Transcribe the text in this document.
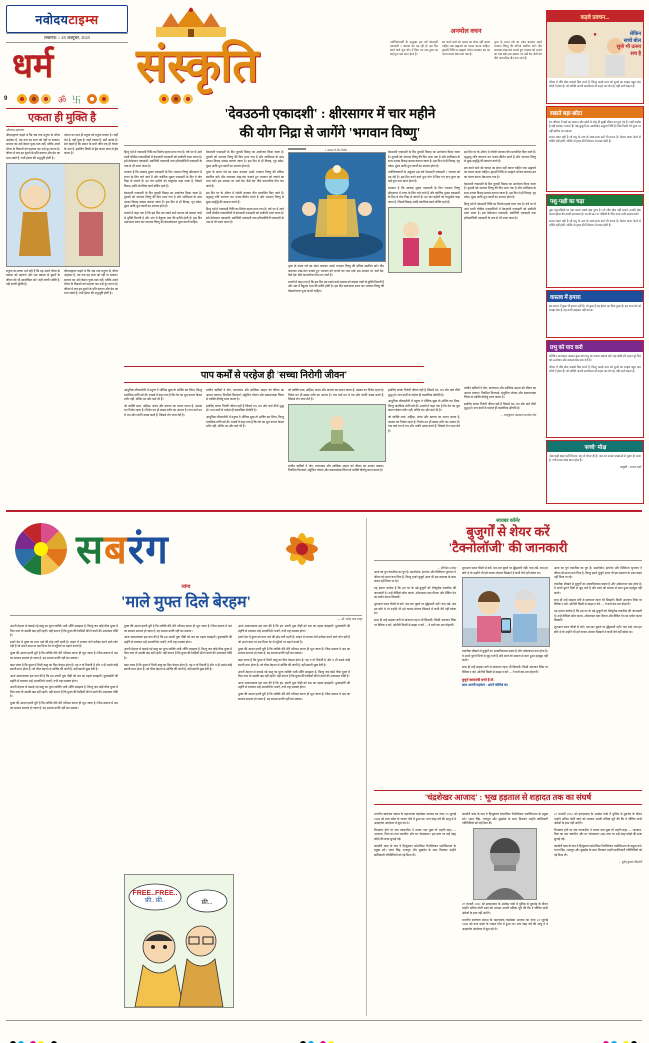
नवोदय टाइम्स
लखनऊ ○ 28 अक्टूबर, 2025
धर्म संस्कृति
9	ॐ 卐
अनमोल वचन

ज्योतिषाचार्यों के अनुसार इस वर्ष देवउठनी एकादशी 1 नवम्बर को पड़ रही है। इस दिन बनने वाले शुभ योग में किए गए दान-पुण्य का कई गुना फल प्राप्त होता है।

व्रत करने वाले को चावल का सेवन नहीं करना चाहिए तथा ब्रह्मचर्य का पालन करना चाहिए। द्वादशी तिथि पर ब्राह्मण भोजन कराकर व्रत का पारण करना श्रेष्ठ माना गया है।

पूजा के समय गन्ने का मंडप बनाकर उसमें भगवान विष्णु की प्रतिमा स्थापित करें। दीप जलाकर शंख-घंटा बजाते हुए भगवान को जगाने का भाव रखें। इस अवसर पर 'उठो देव, बैठो देव' जैसे पारम्परिक गीत गाए जाते हैं।

कड़वे प्रवचन...
●	लेकिन
सच्चे बोल
सुनो भी उतना
सच है
जीवन में मीठे बोल सबको प्रिय लगते हैं, किन्तु कड़वे सत्य को सुनने का साहस बहुत कम लोगों में होता है। जो व्यक्ति अपनी आलोचना को सहन कर लेता है, वही आगे बढ़ता है।
रखाते बड़ा-छोटा
घर-परिवार में बड़ों का सम्मान और छोटों से स्नेह ही सुखी जीवन का मूल मंत्र है। जहाँ मर्यादा है वहीं संस्कार पनपते हैं। बड़े-बुजुर्गों का आशीर्वाद अमूल्य निधि है जिसे किसी भी मूल्य पर नहीं खरीदा जा सकता।
सच्चा भक्त वही है जो प्रभु के नाम के साथ-साथ कर्म भी करता है। केवल माला फेरने से भक्ति नहीं होती, भक्ति तो हृदय की निर्मलता से प्रकट होती है।
पशु-पक्षी का चढ़ा
मूक पशु-पक्षियों पर दया करना सबसे बड़ा पुण्य है। जो जीव बोल नहीं सकते, उनकी सेवा करना ईश्वर की सच्ची आराधना है। घर की छत पर पक्षियों के लिए दाना-पानी अवश्य रखें।
सच्चा भक्त वही है जो प्रभु के नाम के साथ-साथ कर्म भी करता है। केवल माला फेरने से भक्ति नहीं होती, भक्ति तो हृदय की निर्मलता से प्रकट होती है।
वास्तव में हमारा
इस संसार में कुछ भी हमारा नहीं है। जो कुछ है वह ईश्वर का दिया हुआ है। इस सत्य को जो समझ लेता है, वह कभी अहंकार नहीं करता।
प्रभु को याद करो
प्रतिदिन प्रातःकाल उठकर कुछ क्षण प्रभु का स्मरण अवश्य करें। यह छोटी-सी आदत पूरे दिन को ऊर्जावान और सकारात्मक बना देती है।
जीवन में मीठे बोल सबको प्रिय लगते हैं, किन्तु कड़वे सत्य को सुनने का साहस बहुत कम लोगों में होता है। जो व्यक्ति अपनी आलोचना को सहन कर लेता है, वही आगे बढ़ता है।
'सच्चे' मोक्ष
मोक्ष कहीं बाहर नहीं मिलता, वह तो भीतर ही है। जब मन समस्त इच्छाओं से मुक्त हो जाता है, तभी सच्चा मोक्ष प्राप्त होता है।
प्रस्तुति : अभय शर्मा
एकता ही मुक्ति है
श्रीराधव महाराज

श्रीरामकृष्ण कहते थे कि जब तक मनुष्य के भीतर अहंकार है, तब तक वह सत्य को नहीं पा सकता। साधना का अर्थ केवल पूजा-पाठ नहीं, बल्कि अपने भीतर के विकारों को पहचान कर उन्हें दूर करना है। जीवन में जब हम दूसरों के प्रति करुणा और प्रेम का भाव रखते हैं, तभी ईश्वर की अनुभूति होती है।

एकता का भाव ही मनुष्य को मनुष्य बनाता है। जहाँ भेद है, वहाँ दुःख है; जहाँ एकत्व है, वहाँ आनंद है। संत कहते हैं कि संसार के सभी जीव एक ही चेतना के अंश हैं, इसलिए किसी से द्वेष करना स्वयं से द्वेष करना है।

मनुष्य का सच्चा धर्म यही है कि वह अपने भीतर के प्रकाश को पहचाने और उस प्रकाश से दूसरों के जीवन को भी आलोकित करे। यही सच्ची भक्ति है, यही सच्ची मुक्ति है।

श्रीरामकृष्ण कहते थे कि जब तक मनुष्य के भीतर अहंकार है, तब तक वह सत्य को नहीं पा सकता। साधना का अर्थ केवल पूजा-पाठ नहीं, बल्कि अपने भीतर के विकारों को पहचान कर उन्हें दूर करना है। जीवन में जब हम दूसरों के प्रति करुणा और प्रेम का भाव रखते हैं, तभी ईश्वर की अनुभूति होती है।

'देवउठनी एकादशी' : क्षीरसागर में चार महीने
की योग निद्रा से जागेंगे 'भगवान विष्णु'

हिन्दू धर्म में एकादशी तिथि का विशेष महत्व माना गया है। वर्ष भर में आने वाली चौबीस एकादशियों में देवउठनी एकादशी को सर्वोपरि माना जाता है। इसे देवोत्थान एकादशी, प्रबोधिनी एकादशी तथा हरिप्रबोधिनी एकादशी के नाम से भी जाना जाता है।

मान्यता है कि आषाढ़ शुक्ल एकादशी के दिन भगवान विष्णु क्षीरसागर में शयन के लिए चले जाते हैं और कार्तिक शुक्ल एकादशी के दिन वे योग निद्रा से जागते हैं। इन चार महीनों को चातुर्मास कहा जाता है, जिसमें विवाह आदि मांगलिक कार्य वर्जित रहते हैं।

देवउठनी एकादशी के दिन तुलसी विवाह का आयोजन किया जाता है। तुलसी को भगवान विष्णु की प्रिय माना गया है और शालिग्राम के साथ उनका विवाह सम्पन्न कराया जाता है। इस दिन से ही विवाह, गृह प्रवेश, मुंडन आदि शुभ कार्यों का आरम्भ होता है।

शास्त्रों में कहा गया है कि इस दिन व्रत रखने वाले साधक को समस्त पापों से मुक्ति मिलती है और अंत में वैकुण्ठ धाम की प्राप्ति होती है। इस दिन प्रातःकाल स्नान कर भगवान विष्णु की षोडशोपचार पूजा करनी चाहिए।

देवउठनी एकादशी के दिन तुलसी विवाह का आयोजन किया जाता है। तुलसी को भगवान विष्णु की प्रिय माना गया है और शालिग्राम के साथ उनका विवाह सम्पन्न कराया जाता है। इस दिन से ही विवाह, गृह प्रवेश, मुंडन आदि शुभ कार्यों का आरम्भ होता है।

पूजा के समय गन्ने का मंडप बनाकर उसमें भगवान विष्णु की प्रतिमा स्थापित करें। दीप जलाकर शंख-घंटा बजाते हुए भगवान को जगाने का भाव रखें। इस अवसर पर 'उठो देव, बैठो देव' जैसे पारम्परिक गीत गाए जाते हैं।

इस दिन घर के आँगन में रंगोली बनाकर दीप प्रज्वलित किए जाते हैं। श्रद्धालु रात्रि जागरण कर भजन-कीर्तन करते हैं और भगवान विष्णु से सुख-समृद्धि की कामना करते हैं।

हिन्दू धर्म में एकादशी तिथि का विशेष महत्व माना गया है। वर्ष भर में आने वाली चौबीस एकादशियों में देवउठनी एकादशी को सर्वोपरि माना जाता है। इसे देवोत्थान एकादशी, प्रबोधिनी एकादशी तथा हरिप्रबोधिनी एकादशी के नाम से भी जाना जाता है।

1 नवम्बर के दिन विशेष

पूजा के समय गन्ने का मंडप बनाकर उसमें भगवान विष्णु की प्रतिमा स्थापित करें। दीप जलाकर शंख-घंटा बजाते हुए भगवान को जगाने का भाव रखें। इस अवसर पर 'उठो देव, बैठो देव' जैसे पारम्परिक गीत गाए जाते हैं।

शास्त्रों में कहा गया है कि इस दिन व्रत रखने वाले साधक को समस्त पापों से मुक्ति मिलती है और अंत में वैकुण्ठ धाम की प्राप्ति होती है। इस दिन प्रातःकाल स्नान कर भगवान विष्णु की षोडशोपचार पूजा करनी चाहिए।

देवउठनी एकादशी के दिन तुलसी विवाह का आयोजन किया जाता है। तुलसी को भगवान विष्णु की प्रिय माना गया है और शालिग्राम के साथ उनका विवाह सम्पन्न कराया जाता है। इस दिन से ही विवाह, गृह प्रवेश, मुंडन आदि शुभ कार्यों का आरम्भ होता है।

ज्योतिषाचार्यों के अनुसार इस वर्ष देवउठनी एकादशी 1 नवम्बर को पड़ रही है। इस दिन बनने वाले शुभ योग में किए गए दान-पुण्य का कई गुना फल प्राप्त होता है।

मान्यता है कि आषाढ़ शुक्ल एकादशी के दिन भगवान विष्णु क्षीरसागर में शयन के लिए चले जाते हैं और कार्तिक शुक्ल एकादशी के दिन वे योग निद्रा से जागते हैं। इन चार महीनों को चातुर्मास कहा जाता है, जिसमें विवाह आदि मांगलिक कार्य वर्जित रहते हैं।

इस दिन घर के आँगन में रंगोली बनाकर दीप प्रज्वलित किए जाते हैं। श्रद्धालु रात्रि जागरण कर भजन-कीर्तन करते हैं और भगवान विष्णु से सुख-समृद्धि की कामना करते हैं।

व्रत करने वाले को चावल का सेवन नहीं करना चाहिए तथा ब्रह्मचर्य का पालन करना चाहिए। द्वादशी तिथि पर ब्राह्मण भोजन कराकर व्रत का पारण करना श्रेष्ठ माना गया है।

देवउठनी एकादशी के दिन तुलसी विवाह का आयोजन किया जाता है। तुलसी को भगवान विष्णु की प्रिय माना गया है और शालिग्राम के साथ उनका विवाह सम्पन्न कराया जाता है। इस दिन से ही विवाह, गृह प्रवेश, मुंडन आदि शुभ कार्यों का आरम्भ होता है।

हिन्दू धर्म में एकादशी तिथि का विशेष महत्व माना गया है। वर्ष भर में आने वाली चौबीस एकादशियों में देवउठनी एकादशी को सर्वोपरि माना जाता है। इसे देवोत्थान एकादशी, प्रबोधिनी एकादशी तथा हरिप्रबोधिनी एकादशी के नाम से भी जाना जाता है।

पाप कर्मों से परहेज ही 'सच्चा निरोगी जीवन'

आधुनिक जीवनशैली में मनुष्य ने भौतिक सुख तो अर्जित कर लिया, किन्तु मानसिक शांति खो दी। शास्त्रों में कहा गया है कि रोग का मूल कारण केवल शरीर नहीं, बल्कि मन और कर्म भी हैं।

जो व्यक्ति सत्य, अहिंसा, संयम और करुणा का पालन करता है, उसका मन निर्मल रहता है। निर्मल मन ही स्वस्थ शरीर का आधार है। पाप कर्म मन में भय और ग्लानि उत्पन्न करते हैं, जिससे रोग जन्म लेते हैं।

प्राचीन ऋषियों ने योग, प्राणायाम और सात्विक आहार को जीवन का आधार बताया। नियमित दिनचर्या, संतुलित भोजन और सकारात्मक चिंतन से व्यक्ति दीर्घायु प्राप्त करता है।

इसलिए सच्चा निरोगी जीवन वही है जिसमें तन, मन और कर्म तीनों शुद्ध हों। पाप कर्मों से परहेज ही वास्तविक औषधि है।

आधुनिक जीवनशैली में मनुष्य ने भौतिक सुख तो अर्जित कर लिया, किन्तु मानसिक शांति खो दी। शास्त्रों में कहा गया है कि रोग का मूल कारण केवल शरीर नहीं, बल्कि मन और कर्म भी हैं।

जो व्यक्ति सत्य, अहिंसा, संयम और करुणा का पालन करता है, उसका मन निर्मल रहता है। निर्मल मन ही स्वस्थ शरीर का आधार है। पाप कर्म मन में भय और ग्लानि उत्पन्न करते हैं, जिससे रोग जन्म लेते हैं।

प्राचीन ऋषियों ने योग, प्राणायाम और सात्विक आहार को जीवन का आधार बताया। नियमित दिनचर्या, संतुलित भोजन और सकारात्मक चिंतन से व्यक्ति दीर्घायु प्राप्त करता है।

इसलिए सच्चा निरोगी जीवन वही है जिसमें तन, मन और कर्म तीनों शुद्ध हों। पाप कर्मों से परहेज ही वास्तविक औषधि है।

आधुनिक जीवनशैली में मनुष्य ने भौतिक सुख तो अर्जित कर लिया, किन्तु मानसिक शांति खो दी। शास्त्रों में कहा गया है कि रोग का मूल कारण केवल शरीर नहीं, बल्कि मन और कर्म भी हैं।

जो व्यक्ति सत्य, अहिंसा, संयम और करुणा का पालन करता है, उसका मन निर्मल रहता है। निर्मल मन ही स्वस्थ शरीर का आधार है। पाप कर्म मन में भय और ग्लानि उत्पन्न करते हैं, जिससे रोग जन्म लेते हैं।

प्राचीन ऋषियों ने योग, प्राणायाम और सात्विक आहार को जीवन का आधार बताया। नियमित दिनचर्या, संतुलित भोजन और सकारात्मक चिंतन से व्यक्ति दीर्घायु प्राप्त करता है।

इसलिए सच्चा निरोगी जीवन वही है जिसमें तन, मन और कर्म तीनों शुद्ध हों। पाप कर्मों से परहेज ही वास्तविक औषधि है।

— राजकुमार अग्रवाल/अशोक जैन
सबरंग
व्यंग्य
'माले मुफ्त दिले बेरहम'
— डॉ. नरेन्द्र नाथ लाहा

अपनी मेहनत से कमाई गई वस्तु का मूल्य व्यक्ति भली-भाँति समझता है, किन्तु जब कोई चीज़ मुफ्त में मिल जाए तो उसकी कद्र नहीं रहती। यही कारण है कि मुफ्त की रेवड़ियाँ बाँटने वालों की आजकल चाँदी है।

हमारे देश में मुफ्त का माल पाने की होड़ लगी रहती है। लाइन में लगकर घंटों प्रतीक्षा करने वाले लोग वही हैं जो अपने काम पर दस मिनट देर से पहुँचने पर बहाने बनाते हैं।

मुफ्त की आदत इतनी बुरी है कि व्यक्ति धीरे-धीरे परिश्रम करना ही भूल जाता है। जिस समाज में श्रम का सम्मान समाप्त हो जाता है, वह समाज प्रगति नहीं कर सकता।

कहा जाता है कि मुफ्त में मिली वस्तु का दिल बेरहम होता है। वह न तो टिकती है और न ही उससे कोई स्थायी लाभ होता है। जो चीज़ मेहनत से अर्जित की जाती है, वही स्थायी सुख देती है।

आज आवश्यकता इस बात की है कि हम अपनी युवा पीढ़ी को श्रम का महत्व समझाएँ। मुफ्तखोरी की प्रवृत्ति से बचाकर उन्हें आत्मनिर्भर बनाएँ, तभी राष्ट्र सशक्त होगा।

अपनी मेहनत से कमाई गई वस्तु का मूल्य व्यक्ति भली-भाँति समझता है, किन्तु जब कोई चीज़ मुफ्त में मिल जाए तो उसकी कद्र नहीं रहती। यही कारण है कि मुफ्त की रेवड़ियाँ बाँटने वालों की आजकल चाँदी है।

मुफ्त की आदत इतनी बुरी है कि व्यक्ति धीरे-धीरे परिश्रम करना ही भूल जाता है। जिस समाज में श्रम का सम्मान समाप्त हो जाता है, वह समाज प्रगति नहीं कर सकता।

मुफ्त की आदत इतनी बुरी है कि व्यक्ति धीरे-धीरे परिश्रम करना ही भूल जाता है। जिस समाज में श्रम का सम्मान समाप्त हो जाता है, वह समाज प्रगति नहीं कर सकता।

आज आवश्यकता इस बात की है कि हम अपनी युवा पीढ़ी को श्रम का महत्व समझाएँ। मुफ्तखोरी की प्रवृत्ति से बचाकर उन्हें आत्मनिर्भर बनाएँ, तभी राष्ट्र सशक्त होगा।

अपनी मेहनत से कमाई गई वस्तु का मूल्य व्यक्ति भली-भाँति समझता है, किन्तु जब कोई चीज़ मुफ्त में मिल जाए तो उसकी कद्र नहीं रहती। यही कारण है कि मुफ्त की रेवड़ियाँ बाँटने वालों की आजकल चाँदी है।

कहा जाता है कि मुफ्त में मिली वस्तु का दिल बेरहम होता है। वह न तो टिकती है और न ही उससे कोई स्थायी लाभ होता है। जो चीज़ मेहनत से अर्जित की जाती है, वही स्थायी सुख देती है।

FREE..FREE..
फ्री.. फ्री..	फ्री...

आज आवश्यकता इस बात की है कि हम अपनी युवा पीढ़ी को श्रम का महत्व समझाएँ। मुफ्तखोरी की प्रवृत्ति से बचाकर उन्हें आत्मनिर्भर बनाएँ, तभी राष्ट्र सशक्त होगा।

हमारे देश में मुफ्त का माल पाने की होड़ लगी रहती है। लाइन में लगकर घंटों प्रतीक्षा करने वाले लोग वही हैं जो अपने काम पर दस मिनट देर से पहुँचने पर बहाने बनाते हैं।

मुफ्त की आदत इतनी बुरी है कि व्यक्ति धीरे-धीरे परिश्रम करना ही भूल जाता है। जिस समाज में श्रम का सम्मान समाप्त हो जाता है, वह समाज प्रगति नहीं कर सकता।

कहा जाता है कि मुफ्त में मिली वस्तु का दिल बेरहम होता है। वह न तो टिकती है और न ही उससे कोई स्थायी लाभ होता है। जो चीज़ मेहनत से अर्जित की जाती है, वही स्थायी सुख देती है।

अपनी मेहनत से कमाई गई वस्तु का मूल्य व्यक्ति भली-भाँति समझता है, किन्तु जब कोई चीज़ मुफ्त में मिल जाए तो उसकी कद्र नहीं रहती। यही कारण है कि मुफ्त की रेवड़ियाँ बाँटने वालों की आजकल चाँदी है।

आज आवश्यकता इस बात की है कि हम अपनी युवा पीढ़ी को श्रम का महत्व समझाएँ। मुफ्तखोरी की प्रवृत्ति से बचाकर उन्हें आत्मनिर्भर बनाएँ, तभी राष्ट्र सशक्त होगा।

मुफ्त की आदत इतनी बुरी है कि व्यक्ति धीरे-धीरे परिश्रम करना ही भूल जाता है। जिस समाज में श्रम का सम्मान समाप्त हो जाता है, वह समाज प्रगति नहीं कर सकता।

सायबर कॉर्नर
बुजुर्गों से शेयर करें
'टैक्नोलॉजी' की जानकारी
— दीपिका अरोड़ा

आज का युग तकनीक का युग है। स्मार्टफोन, इंटरनेट और डिजिटल भुगतान ने जीवन को सरल बना दिया है, किन्तु हमारे बुजुर्ग आज भी इस बदलाव के साथ कदम नहीं मिला पा रहे।

यह हमारा कर्तव्य है कि हम घर के बड़े-बुजुर्गों को धैर्यपूर्वक तकनीक की जानकारी दें। उन्हें वीडियो कॉल करना, ऑनलाइन दवा मँगाना और बैंकिंग ऐप का प्रयोग करना सिखाएँ।

शुरुआत सरल चीज़ों से करें। बार-बार पूछने पर झुँझलाएँ नहीं। याद रखें, जब हम छोटे थे तो उन्होंने भी हमें चलना-बोलना सिखाने में कभी धैर्य नहीं खोया था।

साथ ही उन्हें साइबर ठगी से सावधान रहना भी सिखाएँ। किसी अनजान लिंक पर क्लिक न करें, ओटीपी किसी से साझा न करें — ये बातें बार-बार दोहराएँ।

शुरुआत सरल चीज़ों से करें। बार-बार पूछने पर झुँझलाएँ नहीं। याद रखें, जब हम छोटे थे तो उन्होंने भी हमें चलना-बोलना सिखाने में कभी धैर्य नहीं खोया था।

तकनीक सीखने से बुजुर्गों का आत्मविश्वास बढ़ता है और अकेलापन कम होता है। वे अपने पुराने मित्रों से जुड़ पाते हैं और स्वयं को समाज से कटा हुआ महसूस नहीं करते।

साथ ही उन्हें साइबर ठगी से सावधान रहना भी सिखाएँ। किसी अनजान लिंक पर क्लिक न करें, ओटीपी किसी से साझा न करें — ये बातें बार-बार दोहराएँ।

बुजुर्ग स्वावलंबी बनते हैं तो..
साथ अपनी पहचान : अपने कॉलेज का

आज का युग तकनीक का युग है। स्मार्टफोन, इंटरनेट और डिजिटल भुगतान ने जीवन को सरल बना दिया है, किन्तु हमारे बुजुर्ग आज भी इस बदलाव के साथ कदम नहीं मिला पा रहे।

तकनीक सीखने से बुजुर्गों का आत्मविश्वास बढ़ता है और अकेलापन कम होता है। वे अपने पुराने मित्रों से जुड़ पाते हैं और स्वयं को समाज से कटा हुआ महसूस नहीं करते।

साथ ही उन्हें साइबर ठगी से सावधान रहना भी सिखाएँ। किसी अनजान लिंक पर क्लिक न करें, ओटीपी किसी से साझा न करें — ये बातें बार-बार दोहराएँ।

यह हमारा कर्तव्य है कि हम घर के बड़े-बुजुर्गों को धैर्यपूर्वक तकनीक की जानकारी दें। उन्हें वीडियो कॉल करना, ऑनलाइन दवा मँगाना और बैंकिंग ऐप का प्रयोग करना सिखाएँ।

शुरुआत सरल चीज़ों से करें। बार-बार पूछने पर झुँझलाएँ नहीं। याद रखें, जब हम छोटे थे तो उन्होंने भी हमें चलना-बोलना सिखाने में कभी धैर्य नहीं खोया था।

'चंद्रशेखर आजाद' : भूख हड़ताल से शहादत तक का संघर्ष

भारतीय स्वतंत्रता संग्राम के महानायक चंद्रशेखर आजाद का जन्म 23 जुलाई 1906 को मध्य प्रदेश के भाबरा गाँव में हुआ था। मात्र पंद्रह वर्ष की आयु में वे असहयोग आंदोलन में कूद पड़े थे।

गिरफ्तार होने पर जब न्यायाधीश ने उनका नाम पूछा तो उन्होंने कहा — 'आजाद', पिता का नाम 'स्वाधीन' और घर 'जेलखाना'। इस उत्तर पर उन्हें पंद्रह कोड़ों की सजा सुनाई गई।

काकोरी कांड के बाद वे हिन्दुस्तान सोशलिस्ट रिपब्लिकन एसोसिएशन के प्रमुख बने। भगत सिंह, राजगुरु और सुखदेव के साथ मिलकर उन्होंने क्रांतिकारी गतिविधियों को नई दिशा दी।

काकोरी कांड के बाद वे हिन्दुस्तान सोशलिस्ट रिपब्लिकन एसोसिएशन के प्रमुख बने। भगत सिंह, राजगुरु और सुखदेव के साथ मिलकर उन्होंने क्रांतिकारी गतिविधियों को नई दिशा दी।

27 फरवरी 1931 को इलाहाबाद के अल्फ्रेड पार्क में पुलिस से मुठभेड़ के दौरान उन्होंने अंतिम गोली स्वयं को मारकर अपनी प्रतिज्ञा पूरी की कि वे जीवित कभी अंग्रेजों के हाथ नहीं आएँगे।

भारतीय स्वतंत्रता संग्राम के महानायक चंद्रशेखर आजाद का जन्म 23 जुलाई 1906 को मध्य प्रदेश के भाबरा गाँव में हुआ था। मात्र पंद्रह वर्ष की आयु में वे असहयोग आंदोलन में कूद पड़े थे।

27 फरवरी 1931 को इलाहाबाद के अल्फ्रेड पार्क में पुलिस से मुठभेड़ के दौरान उन्होंने अंतिम गोली स्वयं को मारकर अपनी प्रतिज्ञा पूरी की कि वे जीवित कभी अंग्रेजों के हाथ नहीं आएँगे।

गिरफ्तार होने पर जब न्यायाधीश ने उनका नाम पूछा तो उन्होंने कहा — 'आजाद', पिता का नाम 'स्वाधीन' और घर 'जेलखाना'। इस उत्तर पर उन्हें पंद्रह कोड़ों की सजा सुनाई गई।

काकोरी कांड के बाद वे हिन्दुस्तान सोशलिस्ट रिपब्लिकन एसोसिएशन के प्रमुख बने। भगत सिंह, राजगुरु और सुखदेव के साथ मिलकर उन्होंने क्रांतिकारी गतिविधियों को नई दिशा दी।

— सुरेंद्र कुमार किशोरी
